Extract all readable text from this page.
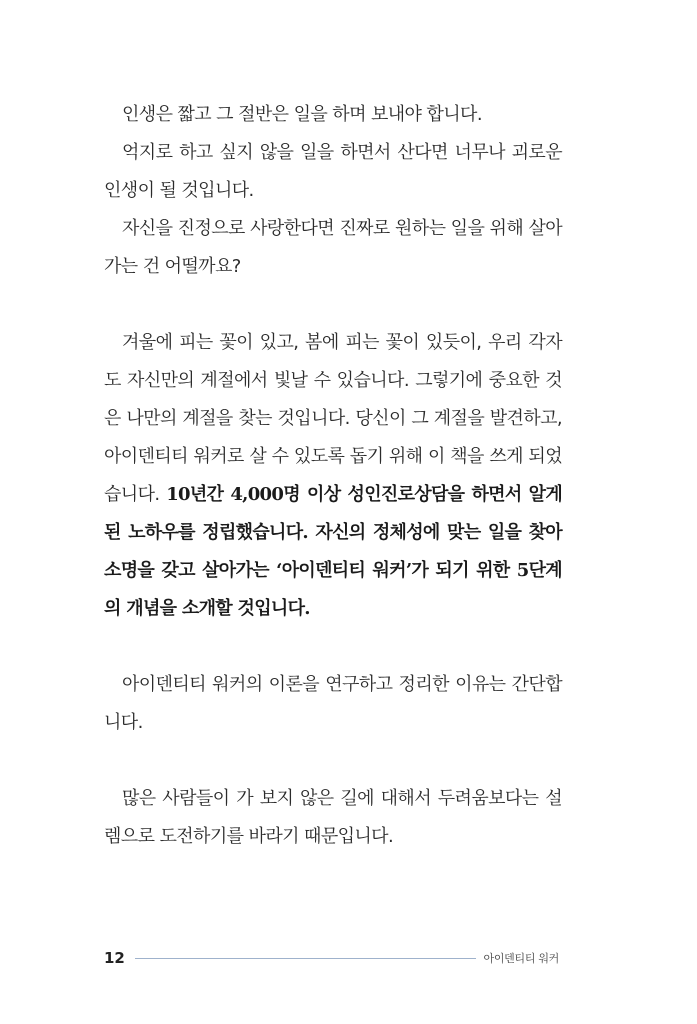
인생은 짧고 그 절반은 일을 하며 보내야 합니다.

억지로 하고 싶지 않을 일을 하면서 산다면 너무나 괴로운 인생이 될 것입니다.

자신을 진정으로 사랑한다면 진짜로 원하는 일을 위해 살아가는 건 어떨까요?

겨울에 피는 꽃이 있고, 봄에 피는 꽃이 있듯이, 우리 각자도 자신만의 계절에서 빛날 수 있습니다. 그렇기에 중요한 것은 나만의 계절을 찾는 것입니다. 당신이 그 계절을 발견하고, 아이덴티티 워커로 살 수 있도록 돕기 위해 이 책을 쓰게 되었습니다. 10년간 4,000명 이상 성인진로상담을 하면서 알게 된 노하우를 정립했습니다. 자신의 정체성에 맞는 일을 찾아 소명을 갖고 살아가는 ‘아이덴티티 워커’가 되기 위한 5단계의 개념을 소개할 것입니다.

아이덴티티 워커의 이론을 연구하고 정리한 이유는 간단합니다.

많은 사람들이 가 보지 않은 길에 대해서 두려움보다는 설렘으로 도전하기를 바라기 때문입니다.

12	아이덴티티 워커
